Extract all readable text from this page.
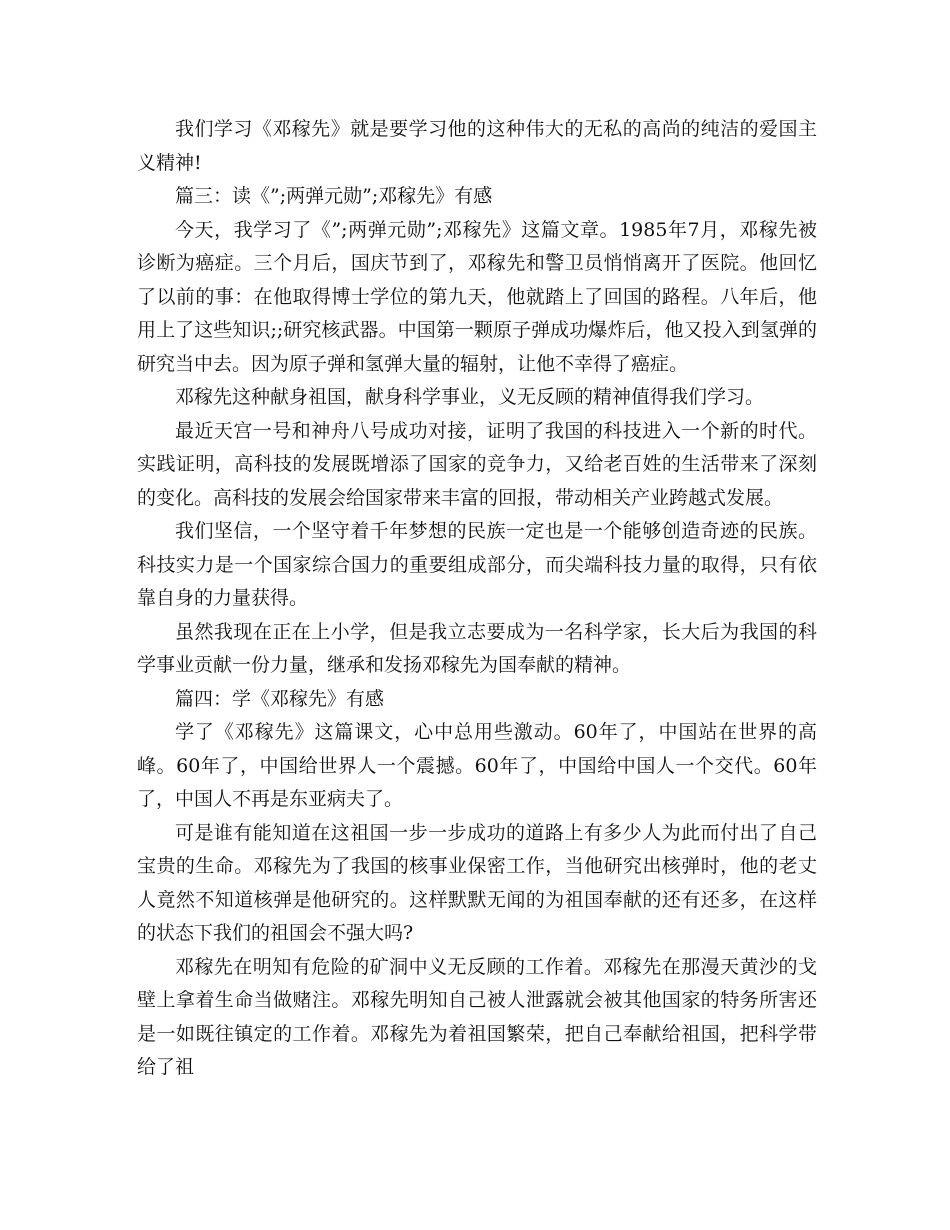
我们学习《邓稼先》就是要学习他的这种伟大的无私的高尚的纯洁的爱国主义精神!

篇三：读《”;两弹元勋”;邓稼先》有感

今天，我学习了《”;两弹元勋”;邓稼先》这篇文章。1985年7月，邓稼先被诊断为癌症。三个月后，国庆节到了，邓稼先和警卫员悄悄离开了医院。他回忆了以前的事：在他取得博士学位的第九天，他就踏上了回国的路程。八年后，他用上了这些知识;;研究核武器。中国第一颗原子弹成功爆炸后，他又投入到氢弹的研究当中去。因为原子弹和氢弹大量的辐射，让他不幸得了癌症。

邓稼先这种献身祖国，献身科学事业，义无反顾的精神值得我们学习。

最近天宫一号和神舟八号成功对接，证明了我国的科技进入一个新的时代。实践证明，高科技的发展既增添了国家的竞争力，又给老百姓的生活带来了深刻的变化。高科技的发展会给国家带来丰富的回报，带动相关产业跨越式发展。

我们坚信，一个坚守着千年梦想的民族一定也是一个能够创造奇迹的民族。科技实力是一个国家综合国力的重要组成部分，而尖端科技力量的取得，只有依靠自身的力量获得。

虽然我现在正在上小学，但是我立志要成为一名科学家，长大后为我国的科学事业贡献一份力量，继承和发扬邓稼先为国奉献的精神。

篇四：学《邓稼先》有感

学了《邓稼先》这篇课文，心中总用些激动。60年了，中国站在世界的高峰。60年了，中国给世界人一个震撼。60年了，中国给中国人一个交代。60年了，中国人不再是东亚病夫了。

可是谁有能知道在这祖国一步一步成功的道路上有多少人为此而付出了自己宝贵的生命。邓稼先为了我国的核事业保密工作，当他研究出核弹时，他的老丈人竟然不知道核弹是他研究的。这样默默无闻的为祖国奉献的还有还多，在这样的状态下我们的祖国会不强大吗?

邓稼先在明知有危险的矿洞中义无反顾的工作着。邓稼先在那漫天黄沙的戈壁上拿着生命当做赌注。邓稼先明知自己被人泄露就会被其他国家的特务所害还是一如既往镇定的工作着。邓稼先为着祖国繁荣，把自己奉献给祖国，把科学带给了祖
